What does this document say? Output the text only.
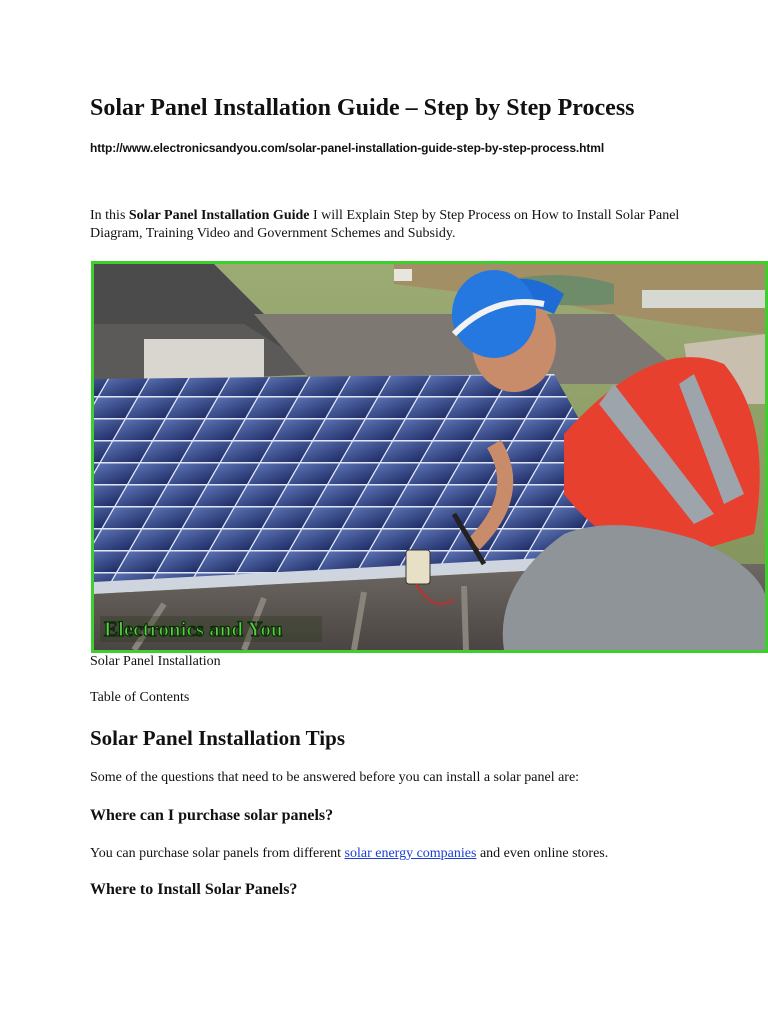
Solar Panel Installation Guide – Step by Step Process
http://www.electronicsandyou.com/solar-panel-installation-guide-step-by-step-process.html

In this Solar Panel Installation Guide I will Explain Step by Step Process on How to Install Solar Panel Diagram, Training Video and Government Schemes and Subsidy.

Electronics and You
Solar Panel Installation
Table of Contents
Solar Panel Installation Tips

Some of the questions that need to be answered before you can install a solar panel are:

Where can I purchase solar panels?

You can purchase solar panels from different solar energy companies and even online stores.

Where to Install Solar Panels?
